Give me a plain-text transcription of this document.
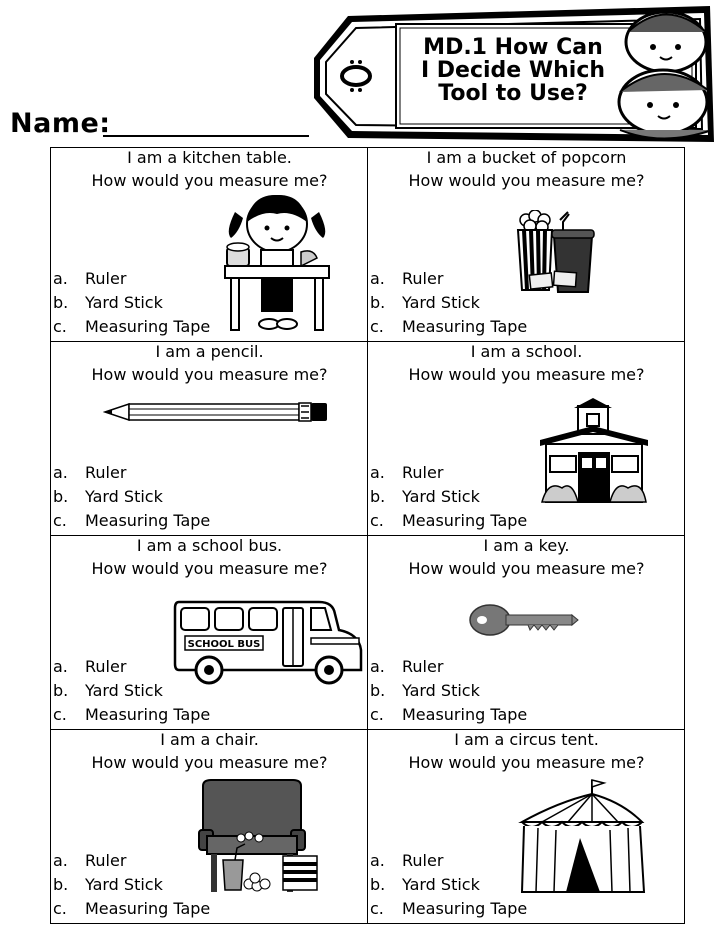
Name:
MD.1 How Can
I Decide Which
Tool to Use?
I am a kitchen table.
How would you measure me?
a. Ruler
b. Yard Stick
c. Measuring Tape
I am a bucket of popcorn
How would you measure me?
a. Ruler
b. Yard Stick
c. Measuring Tape
I am a pencil.
How would you measure me?
a. Ruler
b. Yard Stick
c. Measuring Tape
I am a school.
How would you measure me?
a. Ruler
b. Yard Stick
c. Measuring Tape
I am a school bus.
How would you measure me?
SCHOOL BUS
a. Ruler
b. Yard Stick
c. Measuring Tape
I am a key.
How would you measure me?
a. Ruler
b. Yard Stick
c. Measuring Tape
I am a chair.
How would you measure me?
a. Ruler
b. Yard Stick
c. Measuring Tape
I am a circus tent.
How would you measure me?
a. Ruler
b. Yard Stick
c. Measuring Tape
